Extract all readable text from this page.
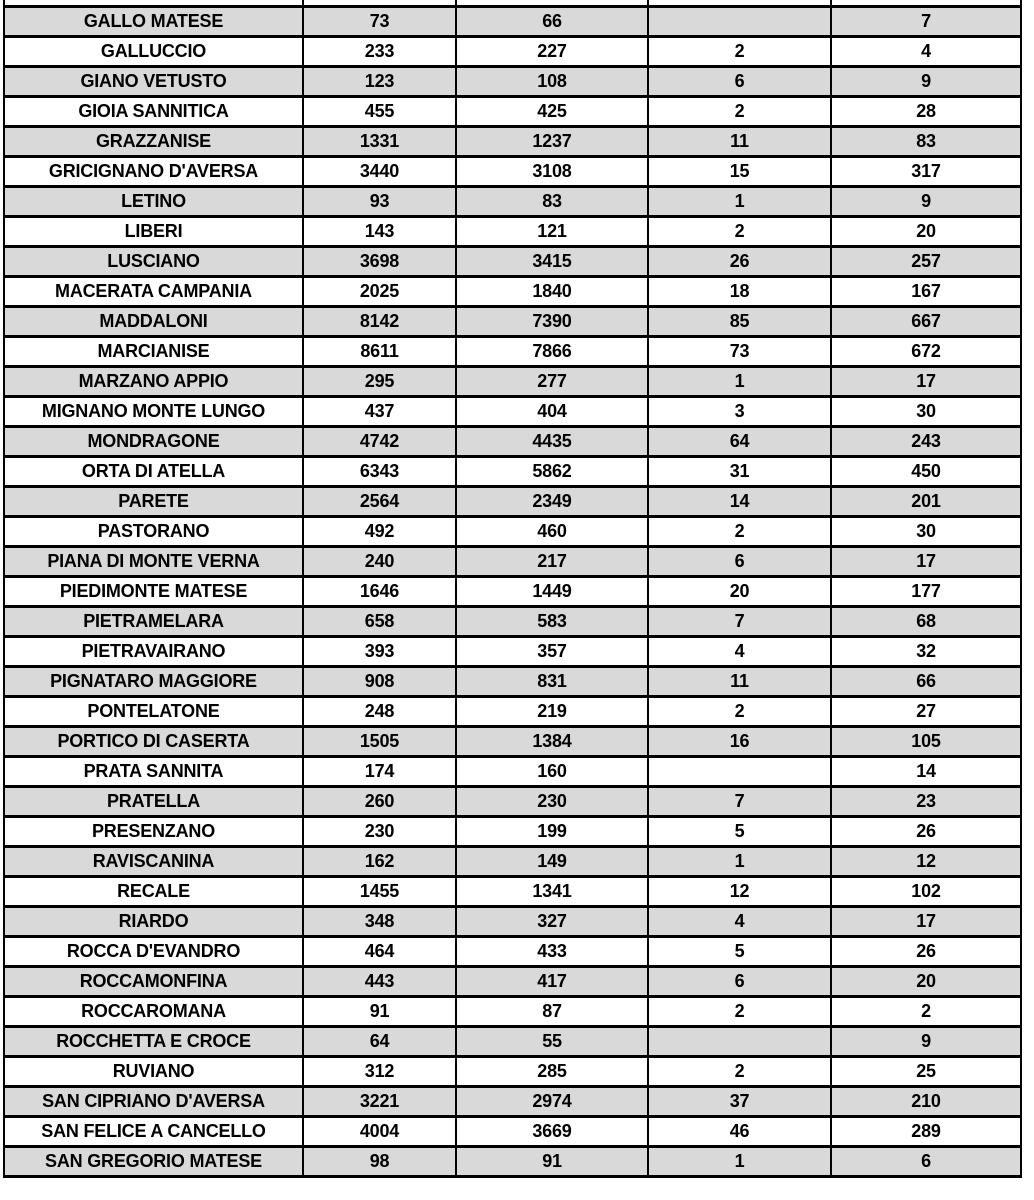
GALLO MATESE	73	66		7
GALLUCCIO	233	227	2	4
GIANO VETUSTO	123	108	6	9
GIOIA SANNITICA	455	425	2	28
GRAZZANISE	1331	1237	11	83
GRICIGNANO D'AVERSA	3440	3108	15	317
LETINO	93	83	1	9
LIBERI	143	121	2	20
LUSCIANO	3698	3415	26	257
MACERATA CAMPANIA	2025	1840	18	167
MADDALONI	8142	7390	85	667
MARCIANISE	8611	7866	73	672
MARZANO APPIO	295	277	1	17
MIGNANO MONTE LUNGO	437	404	3	30
MONDRAGONE	4742	4435	64	243
ORTA DI ATELLA	6343	5862	31	450
PARETE	2564	2349	14	201
PASTORANO	492	460	2	30
PIANA DI MONTE VERNA	240	217	6	17
PIEDIMONTE MATESE	1646	1449	20	177
PIETRAMELARA	658	583	7	68
PIETRAVAIRANO	393	357	4	32
PIGNATARO MAGGIORE	908	831	11	66
PONTELATONE	248	219	2	27
PORTICO DI CASERTA	1505	1384	16	105
PRATA SANNITA	174	160		14
PRATELLA	260	230	7	23
PRESENZANO	230	199	5	26
RAVISCANINA	162	149	1	12
RECALE	1455	1341	12	102
RIARDO	348	327	4	17
ROCCA D'EVANDRO	464	433	5	26
ROCCAMONFINA	443	417	6	20
ROCCAROMANA	91	87	2	2
ROCCHETTA E CROCE	64	55		9
RUVIANO	312	285	2	25
SAN CIPRIANO D'AVERSA	3221	2974	37	210
SAN FELICE A CANCELLO	4004	3669	46	289
SAN GREGORIO MATESE	98	91	1	6
